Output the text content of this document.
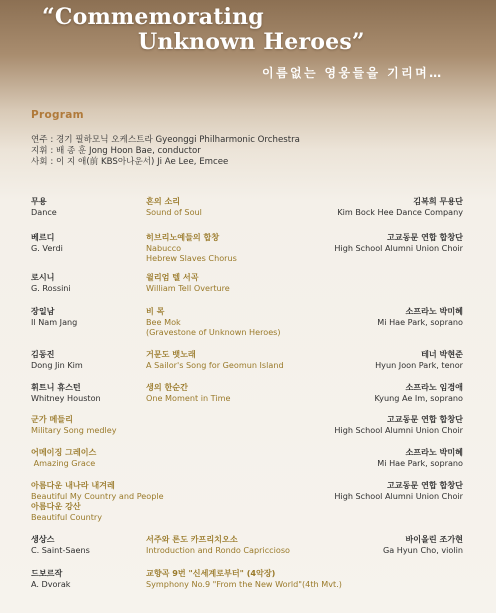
“Commemorating
Unknown Heroes”
이름없는 영웅들을 기리며…
Program
연주 : 경기 필하모닉 오케스트라 Gyeonggi Philharmonic Orchestra
지휘 : 배 종 훈 Jong Hoon Bae, conductor
사회 : 이 지 애(前 KBS아나운서) Ji Ae Lee, Emcee
무용
Dance
혼의 소리
Sound of Soul
김복희 무용단
Kim Bock Hee Dance Company
베르디
G. Verdi
히브리노예들의 합창
Nabucco
Hebrew Slaves Chorus
고교동문 연합 합창단
High School Alumni Union Choir
로시니
G. Rossini
윌리엄 텔 서곡
William Tell Overture
장일남
Il Nam Jang
비 목
Bee Mok
(Gravestone of Unknown Heroes)
소프라노 박미혜
Mi Hae Park, soprano
김동진
Dong Jin Kim
거문도 뱃노래
A Sailor's Song for Geomun Island
테너 박현준
Hyun Joon Park, tenor
휘트니 휴스턴
Whitney Houston
생의 한순간
One Moment in Time
소프라노 임경애
Kyung Ae Im, soprano
군가 메들리
Military Song medley
고교동문 연합 합창단
High School Alumni Union Choir
어메이징 그레이스
Amazing Grace
소프라노 박미혜
Mi Hae Park, soprano
아름다운 내나라 내겨레
Beautiful My Country and People
아름다운 강산
Beautiful Country
고교동문 연합 합창단
High School Alumni Union Choir
생상스
C. Saint-Saens
서주와 론도 카프리치오소
Introduction and Rondo Capriccioso
바이올린 조가현
Ga Hyun Cho, violin
드보르작
A. Dvorak
교향곡 9번 "신세계로부터" (4악장)
Symphony No.9 "From the New World"(4th Mvt.)
